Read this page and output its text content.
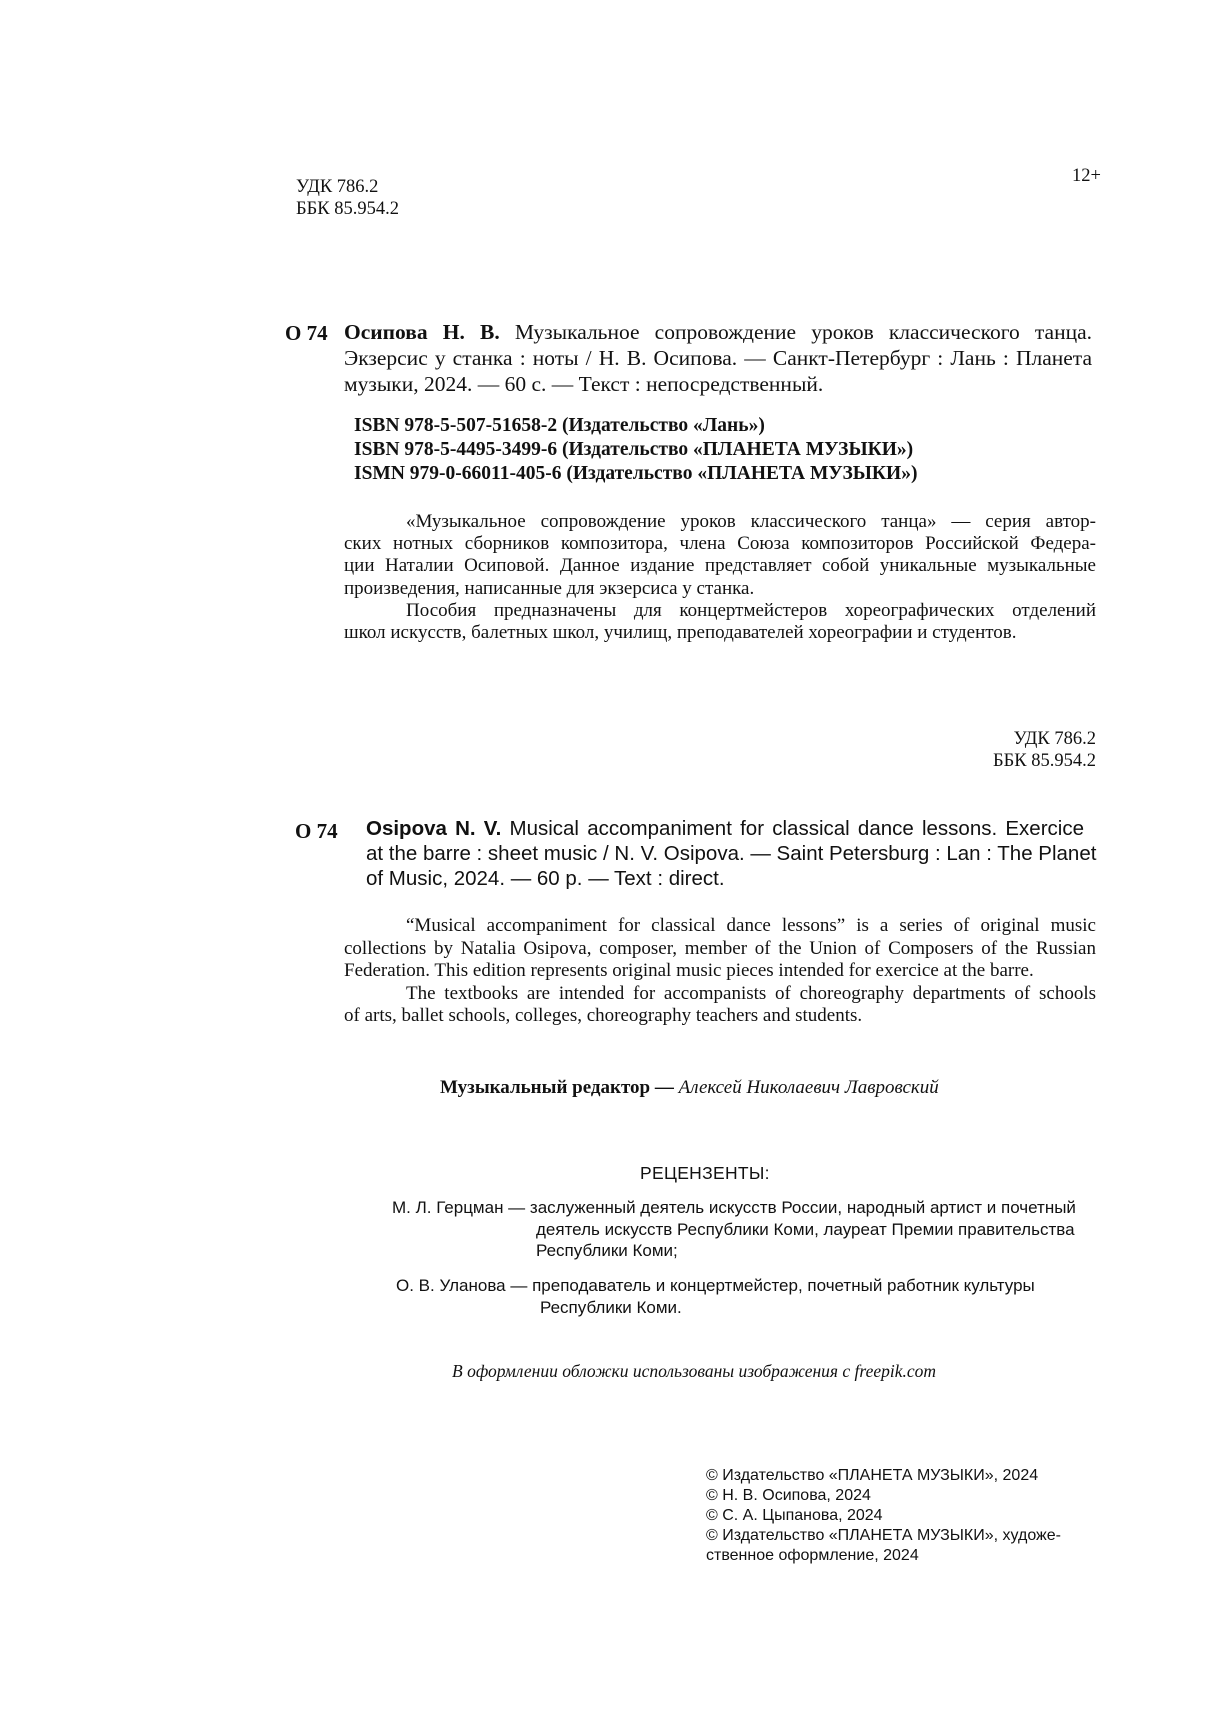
УДК 786.2
ББК 85.954.2
12+
О 74 Осипова Н. В. Музыкальное сопровождение уроков классического танца.
Экзерсис у станка : ноты / Н. В. Осипова. — Санкт-Петербург : Лань : Планета
музыки, 2024. — 60 с. — Текст : непосредственный.
ISBN 978-5-507-51658-2 (Издательство «Лань»)
ISBN 978-5-4495-3499-6 (Издательство «ПЛАНЕТА МУЗЫКИ»)
ISMN 979-0-66011-405-6 (Издательство «ПЛАНЕТА МУЗЫКИ»)
«Музыкальное сопровождение уроков классического танца» — серия автор-
ских нотных сборников композитора, члена Союза композиторов Российской Федера-
ции Наталии Осиповой. Данное издание представляет собой уникальные музыкальные
произведения, написанные для экзерсиса у станка.
Пособия предназначены для концертмейстеров хореографических отделений
школ искусств, балетных школ, училищ, преподавателей хореографии и студентов.
УДК 786.2
ББК 85.954.2
O 74 Osipova N. V. Musical accompaniment for classical dance lessons. Exercice
at the barre : sheet music / N. V. Osipova. — Saint Petersburg : Lan : The Planet
of Music, 2024. — 60 p. — Text : direct.
“Musical accompaniment for classical dance lessons” is a series of original music
collections by Natalia Osipova, composer, member of the Union of Composers of the Russian
Federation. This edition represents original music pieces intended for exercice at the barre.
The textbooks are intended for accompanists of choreography departments of schools
of arts, ballet schools, colleges, choreography teachers and students.
Музыкальный редактор — Алексей Николаевич Лавровский
РЕЦЕНЗЕНТЫ:
М. Л. Герцман — заслуженный деятель искусств России, народный артист и почетный
деятель искусств Республики Коми, лауреат Премии правительства
Республики Коми;
О. В. Уланова — преподаватель и концертмейстер, почетный работник культуры
Республики Коми.
В оформлении обложки использованы изображения с freepik.com
© Издательство «ПЛАНЕТА МУЗЫКИ», 2024
© Н. В. Осипова, 2024
© С. А. Цыпанова, 2024
© Издательство «ПЛАНЕТА МУЗЫКИ», художе-
ственное оформление, 2024
